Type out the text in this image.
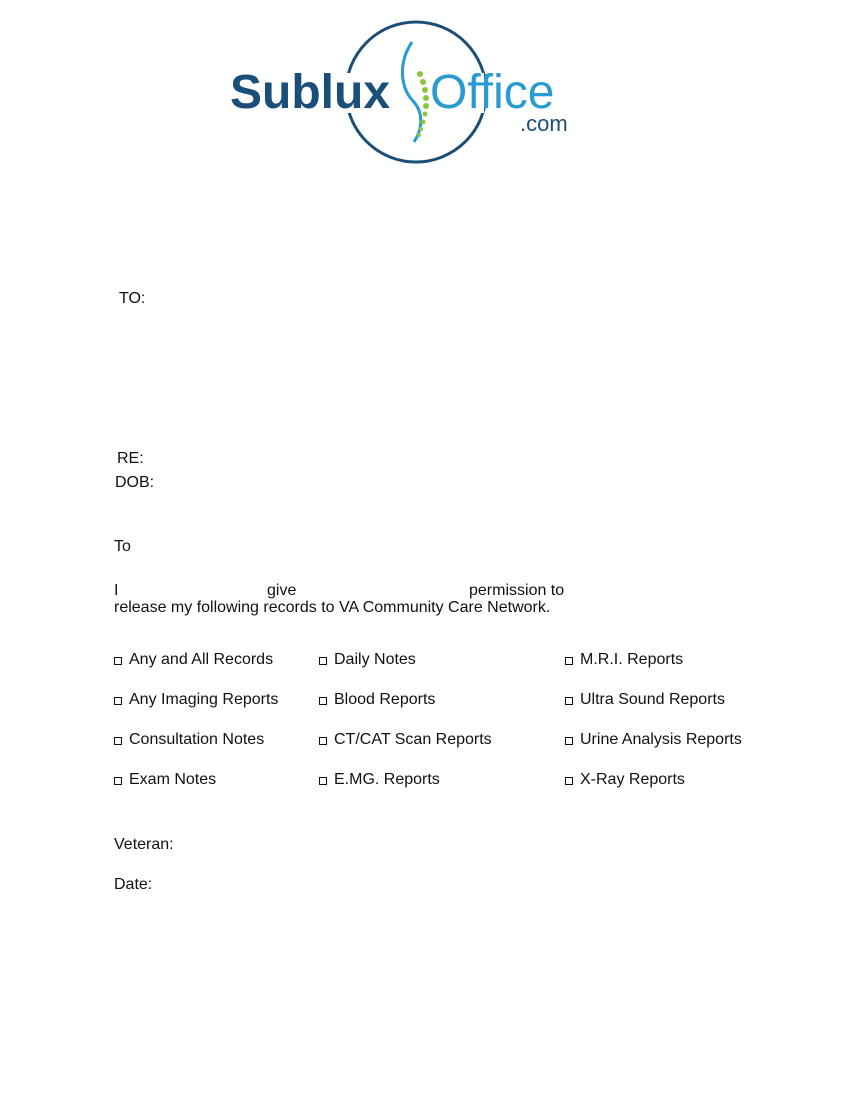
Sublux Office
.com
TO:
RE:
DOB:
To
I	give	permission to
release my following records to VA Community Care Network.
Any and All Records
Any Imaging Reports
Consultation Notes
Exam Notes
Daily Notes
Blood Reports
CT/CAT Scan Reports
E.MG. Reports
M.R.I. Reports
Ultra Sound Reports
Urine Analysis Reports
X-Ray Reports
Veteran:
Date:
